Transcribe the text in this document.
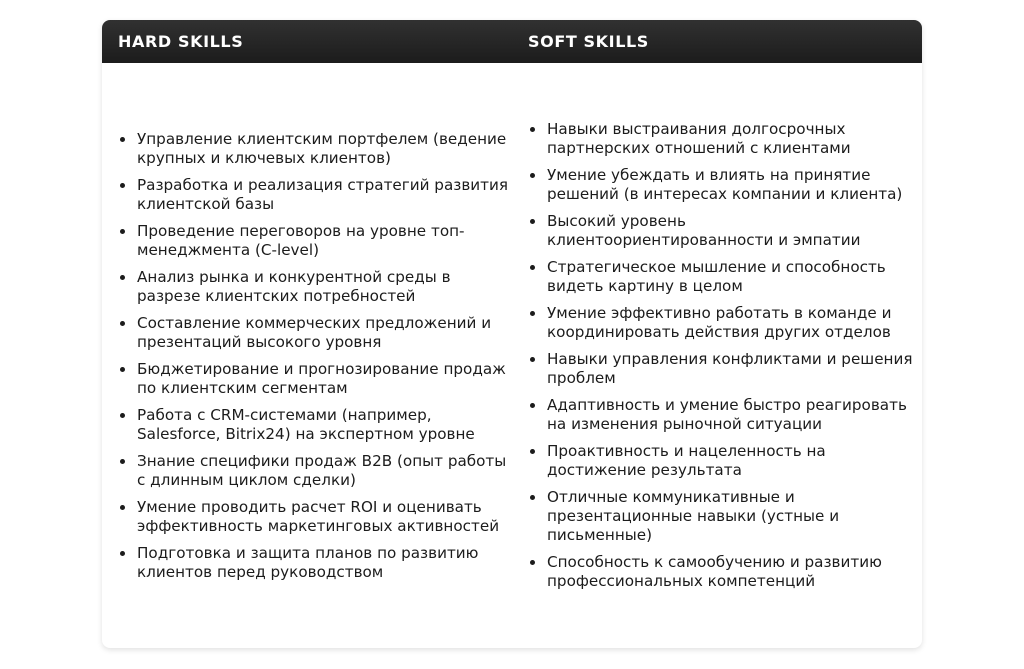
HARD SKILLS	SOFT SKILLS
Управление клиентским портфелем (ведение крупных и ключевых клиентов)
Разработка и реализация стратегий развития клиентской базы
Проведение переговоров на уровне топ-менеджмента (C-level)
Анализ рынка и конкурентной среды в разрезе клиентских потребностей
Составление коммерческих предложений и презентаций высокого уровня
Бюджетирование и прогнозирование продаж по клиентским сегментам
Работа с CRM-системами (например, Salesforce, Bitrix24) на экспертном уровне
Знание специфики продаж B2B (опыт работы с длинным циклом сделки)
Умение проводить расчет ROI и оценивать эффективность маркетинговых активностей
Подготовка и защита планов по развитию клиентов перед руководством
Навыки выстраивания долгосрочных партнерских отношений с клиентами
Умение убеждать и влиять на принятие решений (в интересах компании и клиента)
Высокий уровень клиентоориентированности и эмпатии
Стратегическое мышление и способность видеть картину в целом
Умение эффективно работать в команде и координировать действия других отделов
Навыки управления конфликтами и решения проблем
Адаптивность и умение быстро реагировать на изменения рыночной ситуации
Проактивность и нацеленность на достижение результата
Отличные коммуникативные и презентационные навыки (устные и письменные)
Способность к самообучению и развитию профессиональных компетенций
